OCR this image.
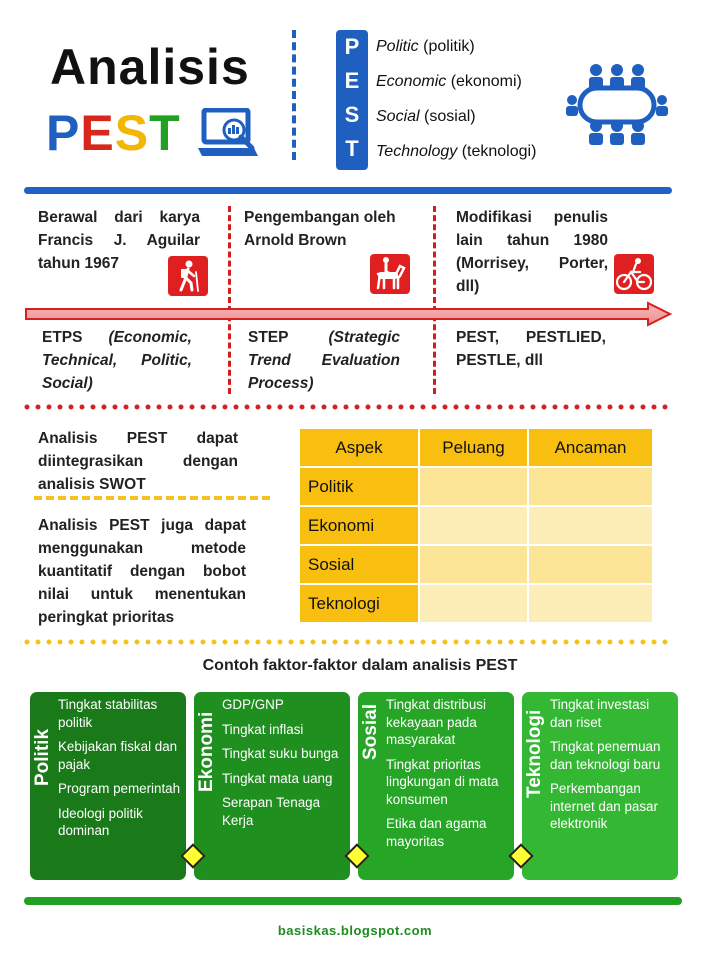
Analisis
PEST
P
E
S
T
Politic (politik)
Economic (ekonomi)
Social (sosial)
Technology (teknologi)
Berawal dari karya Francis J. Aguilar tahun 1967
Pengembangan oleh Arnold Brown
Modifikasi penulis lain tahun 1980 (Morrisey, Porter, dll)
ETPS (Economic, Technical, Politic, Social)
STEP	(Strategic Trend Evaluation Process)
PEST, PESTLIED, PESTLE, dll
Analisis PEST dapat diintegrasikan dengan analisis SWOT
Analisis PEST juga dapat menggunakan metode kuantitatif dengan bobot nilai untuk menentukan peringkat prioritas
Aspek	Peluang	Ancaman
Politik		
Ekonomi		
Sosial		
Teknologi		
Contoh faktor-faktor dalam analisis PEST
Politik
Tingkat stabilitas politik
Kebijakan fiskal dan pajak
Program pemerintah
Ideologi politik dominan
Ekonomi
GDP/GNP
Tingkat inflasi
Tingkat suku bunga
Tingkat mata uang
Serapan Tenaga Kerja
Sosial Tingkat distribusi kekayaan pada masyarakat
Tingkat prioritas lingkungan di mata konsumen
Etika dan agama mayoritas
Teknologi
Tingkat investasi dan riset
Tingkat penemuan dan teknologi baru
Perkembangan internet dan pasar elektronik
basiskas.blogspot.com
